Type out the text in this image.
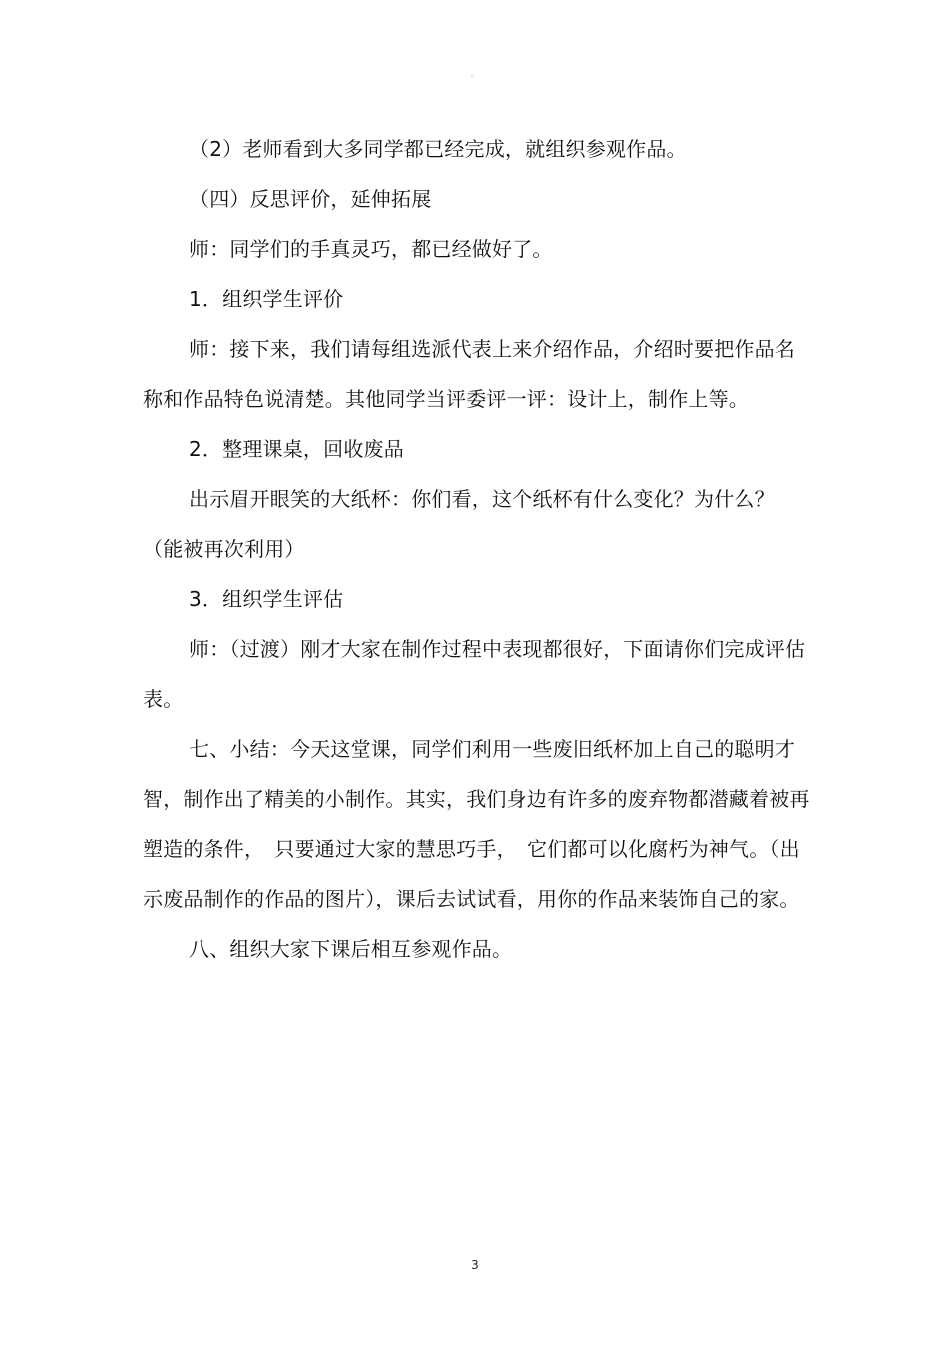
。

（2）老师看到大多同学都已经完成，就组织参观作品。

（四）反思评价，延伸拓展

师：同学们的手真灵巧，都已经做好了。

1．组织学生评价

师：接下来，我们请每组选派代表上来介绍作品，介绍时要把作品名称和作品特色说清楚。其他同学当评委评一评：设计上，制作上等。

2．整理课桌，回收废品

出示眉开眼笑的大纸杯：你们看，这个纸杯有什么变化？为什么？（能被再次利用）

3．组织学生评估

师：（过渡）刚才大家在制作过程中表现都很好，下面请你们完成评估表。

七、小结：今天这堂课，同学们利用一些废旧纸杯加上自己的聪明才智，制作出了精美的小制作。其实，我们身边有许多的废弃物都潜藏着被再塑造的条件，　只要通过大家的慧思巧手，　它们都可以化腐朽为神气。（出示废品制作的作品的图片），课后去试试看，用你的作品来装饰自己的家。

八、组织大家下课后相互参观作品。

3
